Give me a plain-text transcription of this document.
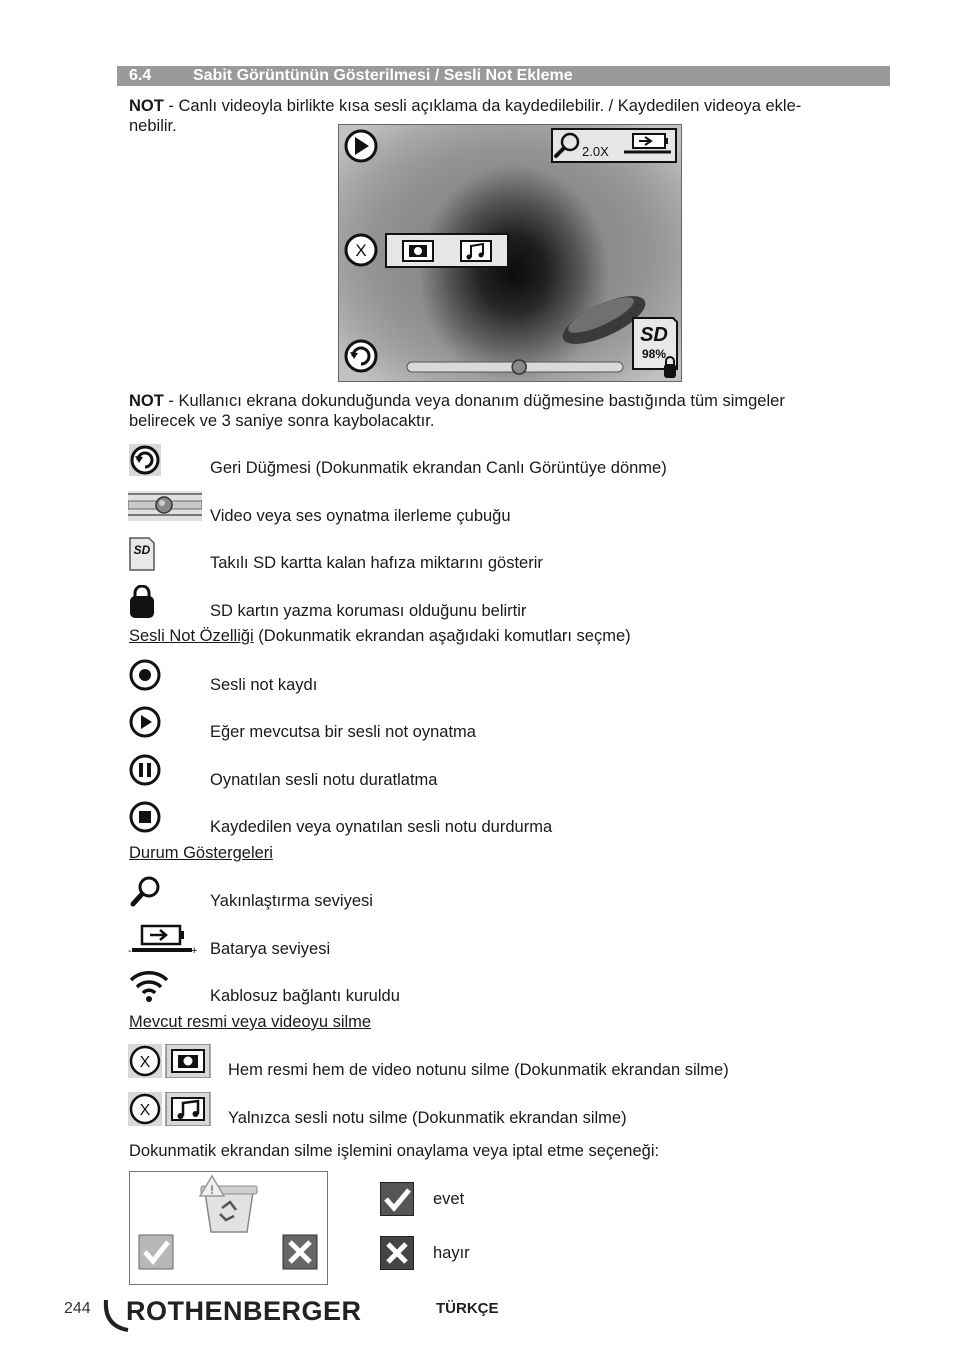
6.4	Sabit Görüntünün Gösterilmesi / Sesli Not Ekleme
NOT - Canlı videoyla birlikte kısa sesli açıklama da kaydedilebilir. / Kaydedilen videoya ekle-
nebilir.
2.0X
X
SD
98%
NOT - Kullanıcı ekrana dokunduğunda veya donanım düğmesine bastığında tüm simgeler
belirecek ve 3 saniye sonra kaybolacaktır.
Geri Düğmesi (Dokunmatik ekrandan Canlı Görüntüye dönme)
Video veya ses oynatma ilerleme çubuğu
SD
Takılı SD kartta kalan hafıza miktarını gösterir
SD kartın yazma koruması olduğunu belirtir
Sesli Not Özelliği (Dokunmatik ekrandan aşağıdaki komutları seçme)
Sesli not kaydı
Eğer mevcutsa bir sesli not oynatma
Oynatılan sesli notu duratlatma
Kaydedilen veya oynatılan sesli notu durdurma
Durum Göstergeleri
Yakınlaştırma seviyesi
-	+ Batarya seviyesi
Kablosuz bağlantı kuruldu
Mevcut resmi veya videoyu silme
X	Hem resmi hem de video notunu silme (Dokunmatik ekrandan silme)
X	Yalnızca sesli notu silme (Dokunmatik ekrandan silme)
Dokunmatik ekrandan silme işlemini onaylama veya iptal etme seçeneği:
!	evet
hayır
244 ROTHENBERGER	TÜRKÇE
